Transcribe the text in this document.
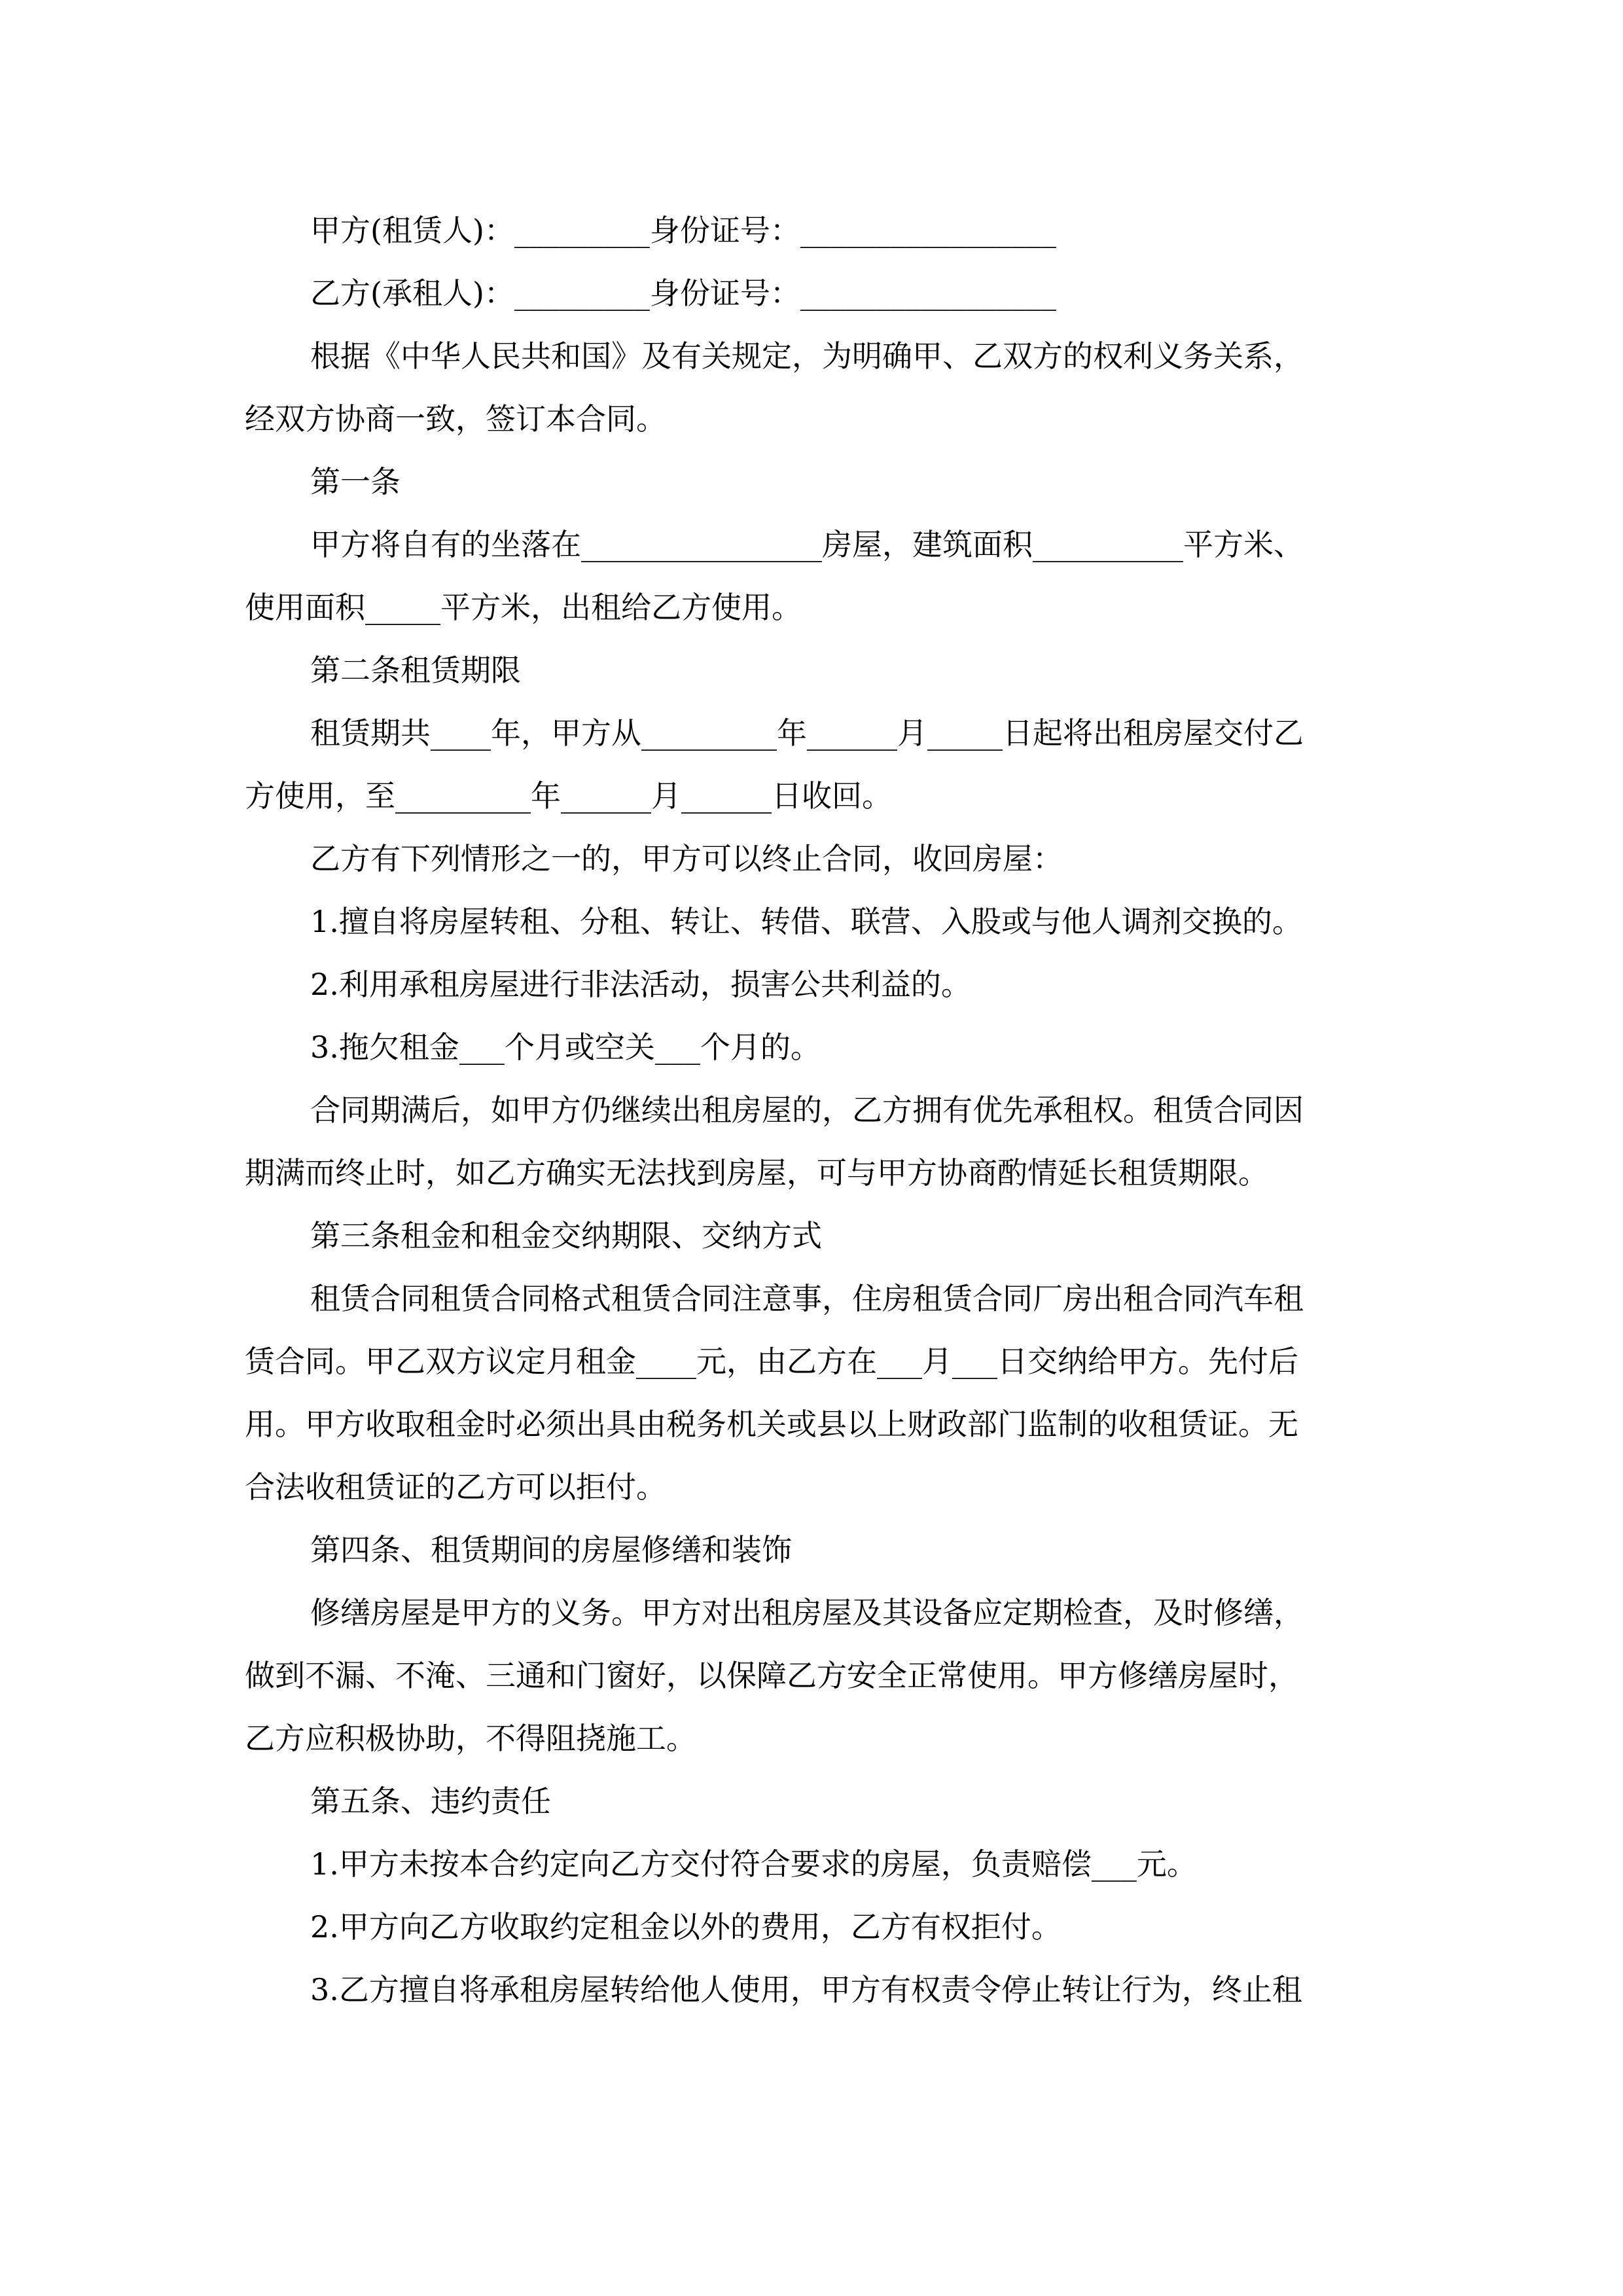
甲方(租赁人)：_________身份证号：_________________

乙方(承租人)：_________身份证号：_________________

根据《中华人民共和国》及有关规定，为明确甲、乙双方的权利义务关系，

经双方协商一致，签订本合同。

第一条

甲方将自有的坐落在________________房屋，建筑面积__________平方米、

使用面积_____平方米，出租给乙方使用。

第二条租赁期限

租赁期共____年，甲方从_________年______月_____日起将出租房屋交付乙

方使用，至_________年______月______日收回。

乙方有下列情形之一的，甲方可以终止合同，收回房屋：

1.擅自将房屋转租、分租、转让、转借、联营、入股或与他人调剂交换的。

2.利用承租房屋进行非法活动，损害公共利益的。

3.拖欠租金___个月或空关___个月的。

合同期满后，如甲方仍继续出租房屋的，乙方拥有优先承租权。租赁合同因

期满而终止时，如乙方确实无法找到房屋，可与甲方协商酌情延长租赁期限。

第三条租金和租金交纳期限、交纳方式

租赁合同租赁合同格式租赁合同注意事，住房租赁合同厂房出租合同汽车租

赁合同。甲乙双方议定月租金____元，由乙方在___月___日交纳给甲方。先付后

用。甲方收取租金时必须出具由税务机关或县以上财政部门监制的收租赁证。无

合法收租赁证的乙方可以拒付。

第四条、租赁期间的房屋修缮和装饰

修缮房屋是甲方的义务。甲方对出租房屋及其设备应定期检查，及时修缮，

做到不漏、不淹、三通和门窗好，以保障乙方安全正常使用。甲方修缮房屋时，

乙方应积极协助，不得阻挠施工。

第五条、违约责任

1.甲方未按本合约定向乙方交付符合要求的房屋，负责赔偿___元。

2.甲方向乙方收取约定租金以外的费用，乙方有权拒付。

3.乙方擅自将承租房屋转给他人使用，甲方有权责令停止转让行为，终止租
